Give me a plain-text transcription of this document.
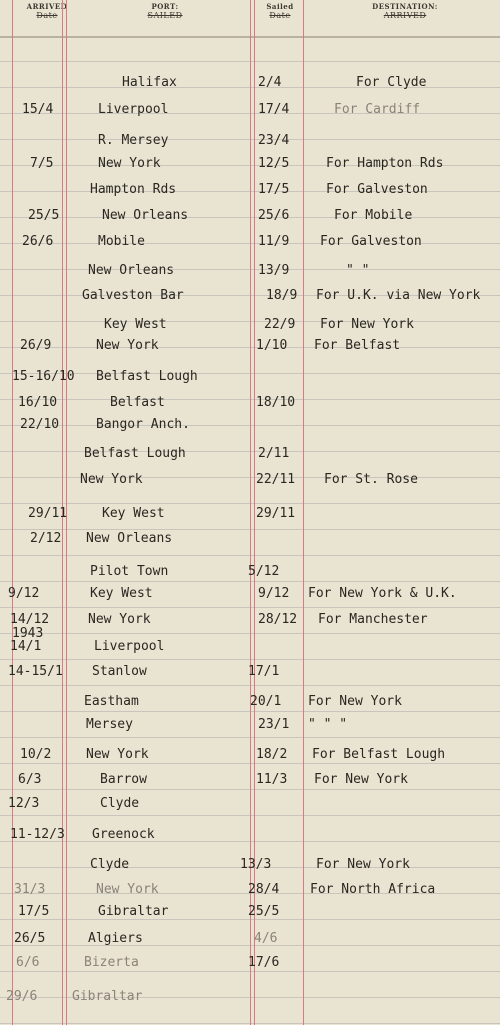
ARRIVED
Date
PORT:
SAILED
Sailed
Date
DESTINATION:
ARRIVED
Halifax	2/4	For Clyde
15/4	Liverpool	17/4	For Cardiff
R. Mersey	23/4
7/5	New York	12/5	For Hampton Rds
Hampton Rds	17/5	For Galveston
25/5	New Orleans	25/6	For Mobile
26/6	Mobile	11/9 For Galveston
New Orleans	13/9	" "
Galveston Bar	18/9 For U.K. via New York
Key West	22/9 For New York
26/9	New York	1/10 For Belfast
15-16/10 Belfast Lough
16/10	Belfast	18/10
22/10	Bangor Anch.
Belfast Lough	2/11
New York	22/11 For St. Rose
29/11	Key West	29/11
2/12 New Orleans
Pilot Town	5/12
9/12	Key West	9/12 For New York & U.K.
14/12	New York	28/12 For Manchester
1943
14/1	Liverpool
14-15/1 Stanlow	17/1
Eastham	20/1 For New York
Mersey	23/1 " " "
10/2	New York	18/2 For Belfast Lough
6/3	Barrow	11/3 For New York
12/3	Clyde
11-12/3 Greenock
Clyde	13/3	For New York
31/3	New York	28/4 For North Africa
17/5	Gibraltar	25/5
26/5	Algiers	4/6
6/6	Bizerta	17/6
29/6	Gibraltar
